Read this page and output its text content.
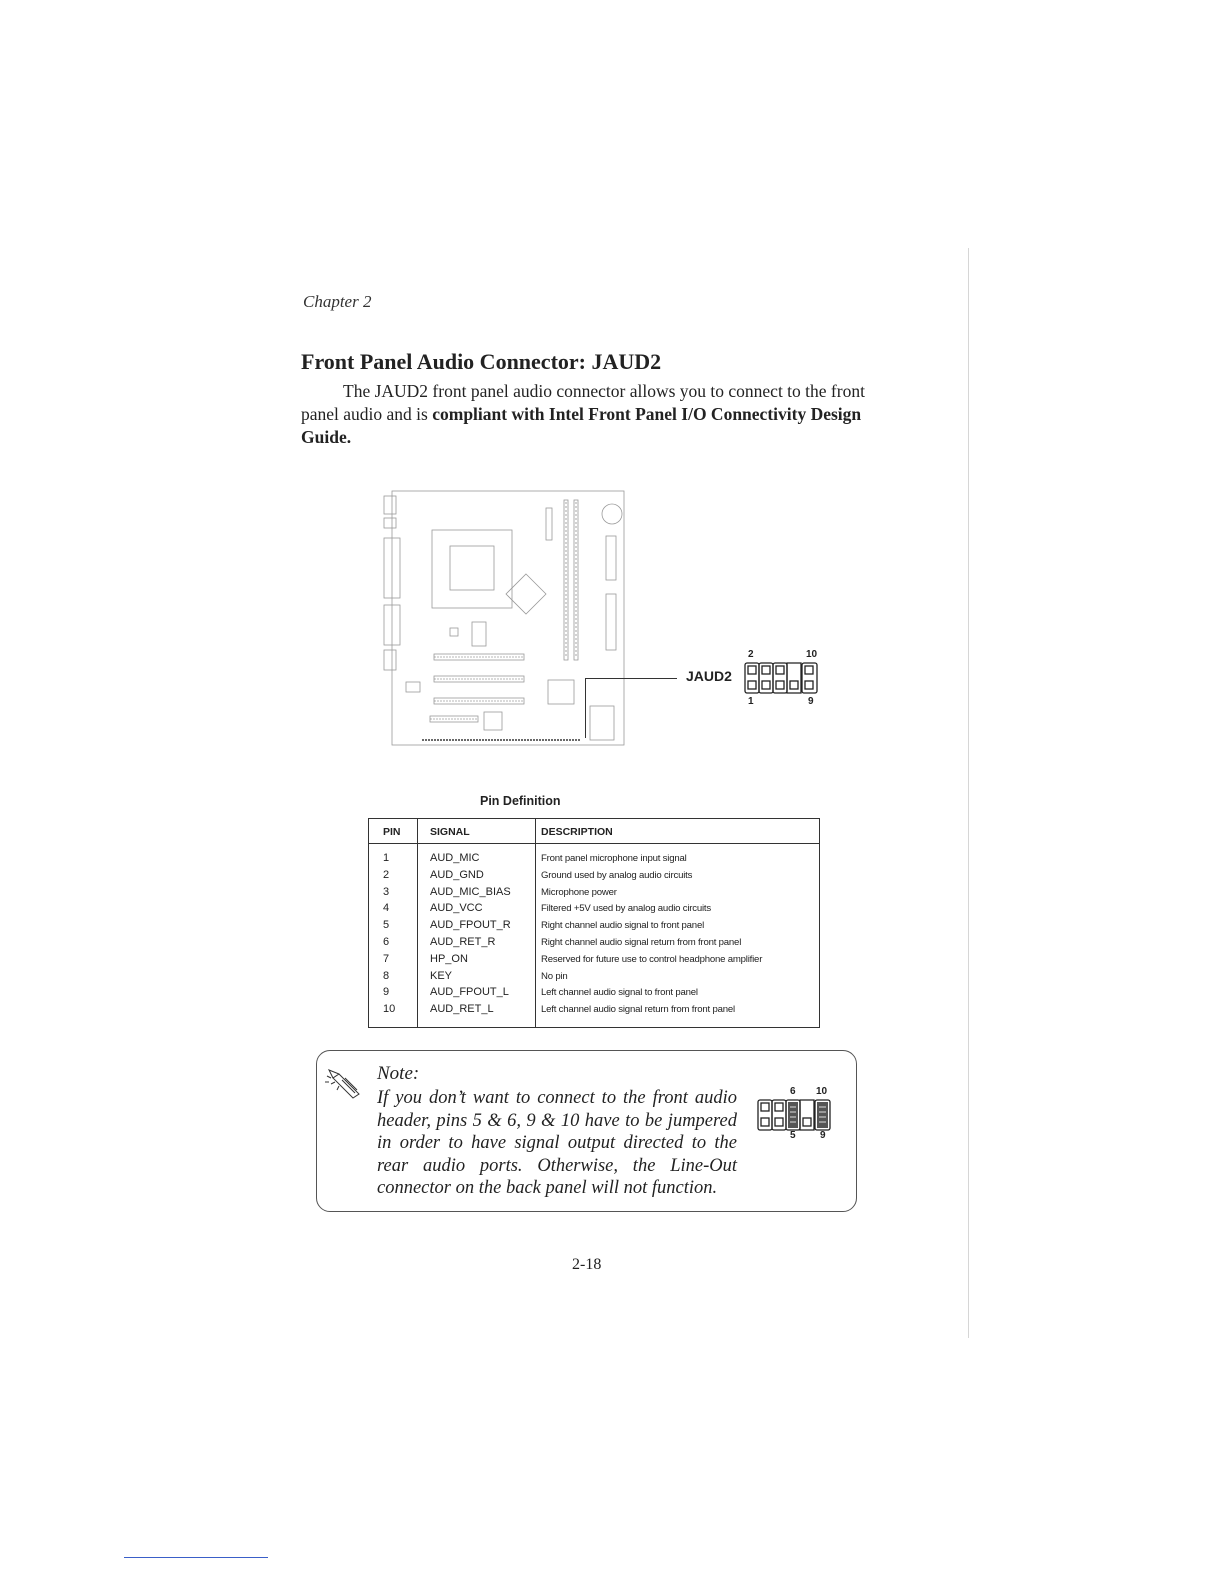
Chapter 2
Front Panel Audio Connector: JAUD2
The JAUD2 front panel audio connector allows you to connect to the front panel audio and is compliant with Intel Front Panel I/O Connectivity Design Guide.
JAUD2
2	10
1	9
Pin Definition
PIN	SIGNAL	DESCRIPTION
1	AUD_MIC	Front panel microphone input signal
2	AUD_GND	Ground used by analog audio circuits
3	AUD_MIC_BIAS	Microphone power
4	AUD_VCC	Filtered +5V used by analog audio circuits
5	AUD_FPOUT_R	Right channel audio signal to front panel
6	AUD_RET_R	Right channel audio signal return from front panel
7	HP_ON	Reserved for future use to control headphone amplifier
8	KEY	No pin
9	AUD_FPOUT_L	Left channel audio signal to front panel
10	AUD_RET_L	Left channel audio signal return from front panel
Note:
If you don’t want to connect to the front audio header, pins 5 & 6, 9 & 10 have to be jumpered in order to have signal output directed to the rear audio ports. Otherwise, the Line-Out connector on the back panel will not function.
6 10
5 9
2-18
